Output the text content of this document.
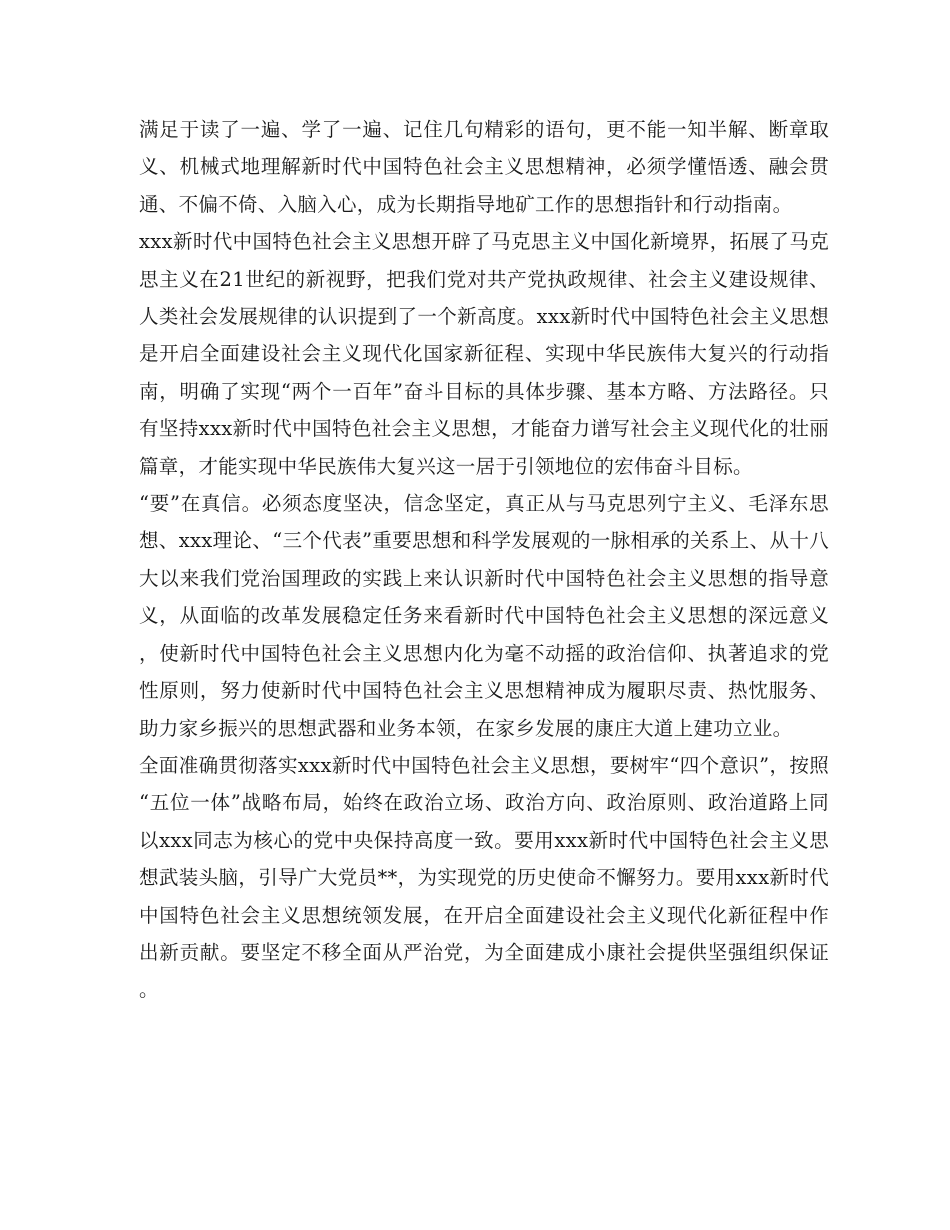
满足于读了一遍、学了一遍、记住几句精彩的语句，更不能一知半解、断章取义、机械式地理解新时代中国特色社会主义思想精神，必须学懂悟透、融会贯通、不偏不倚、入脑入心，成为长期指导地矿工作的思想指针和行动指南。

xxx新时代中国特色社会主义思想开辟了马克思主义中国化新境界，拓展了马克思主义在21世纪的新视野，把我们党对共产党执政规律、社会主义建设规律、人类社会发展规律的认识提到了一个新高度。xxx新时代中国特色社会主义思想是开启全面建设社会主义现代化国家新征程、实现中华民族伟大复兴的行动指南，明确了实现“两个一百年”奋斗目标的具体步骤、基本方略、方法路径。只有坚持xxx新时代中国特色社会主义思想，才能奋力谱写社会主义现代化的壮丽篇章，才能实现中华民族伟大复兴这一居于引领地位的宏伟奋斗目标。

“要”在真信。必须态度坚决，信念坚定，真正从与马克思列宁主义、毛泽东思想、xxx理论、“三个代表”重要思想和科学发展观的一脉相承的关系上、从十八大以来我们党治国理政的实践上来认识新时代中国特色社会主义思想的指导意义，从面临的改革发展稳定任务来看新时代中国特色社会主义思想的深远意义，使新时代中国特色社会主义思想内化为毫不动摇的政治信仰、执著追求的党性原则，努力使新时代中国特色社会主义思想精神成为履职尽责、热忱服务、助力家乡振兴的思想武器和业务本领，在家乡发展的康庄大道上建功立业。

全面准确贯彻落实xxx新时代中国特色社会主义思想，要树牢“四个意识”，按照“五位一体”战略布局，始终在政治立场、政治方向、政治原则、政治道路上同以xxx同志为核心的党中央保持高度一致。要用xxx新时代中国特色社会主义思想武装头脑，引导广大党员**，为实现党的历史使命不懈努力。要用xxx新时代中国特色社会主义思想统领发展，在开启全面建设社会主义现代化新征程中作出新贡献。要坚定不移全面从严治党，为全面建成小康社会提供坚强组织保证。
